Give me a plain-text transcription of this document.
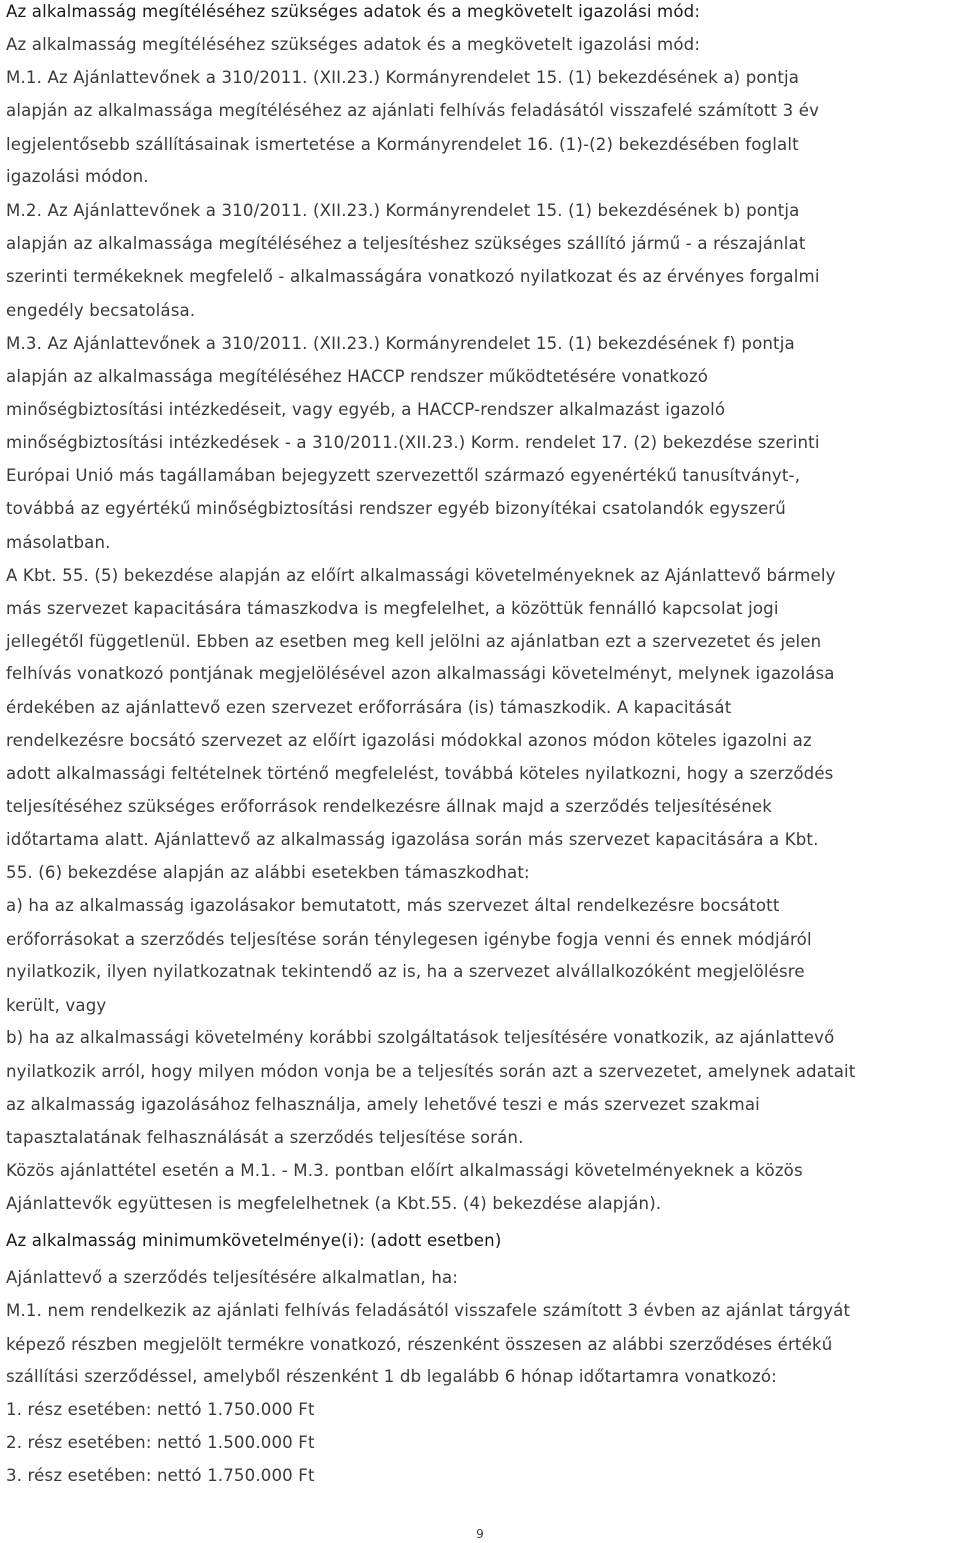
Az alkalmasság megítéléséhez szükséges adatok és a megkövetelt igazolási mód:
Az alkalmasság megítéléséhez szükséges adatok és a megkövetelt igazolási mód:
M.1. Az Ajánlattevőnek a 310/2011. (XII.23.) Kormányrendelet 15. (1) bekezdésének a) pontja
alapján az alkalmassága megítéléséhez az ajánlati felhívás feladásától visszafelé számított 3 év
legjelentősebb szállításainak ismertetése a Kormányrendelet 16. (1)-(2) bekezdésében foglalt
igazolási módon.
M.2. Az Ajánlattevőnek a 310/2011. (XII.23.) Kormányrendelet 15. (1) bekezdésének b) pontja
alapján az alkalmassága megítéléséhez a teljesítéshez szükséges szállító jármű - a részajánlat
szerinti termékeknek megfelelő - alkalmasságára vonatkozó nyilatkozat és az érvényes forgalmi
engedély becsatolása.
M.3. Az Ajánlattevőnek a 310/2011. (XII.23.) Kormányrendelet 15. (1) bekezdésének f) pontja
alapján az alkalmassága megítéléséhez HACCP rendszer működtetésére vonatkozó
minőségbiztosítási intézkedéseit, vagy egyéb, a HACCP-rendszer alkalmazást igazoló
minőségbiztosítási intézkedések - a 310/2011.(XII.23.) Korm. rendelet 17. (2) bekezdése szerinti
Európai Unió más tagállamában bejegyzett szervezettől származó egyenértékű tanusítványt-,
továbbá az egyértékű minőségbiztosítási rendszer egyéb bizonyítékai csatolandók egyszerű
másolatban.
A Kbt. 55. (5) bekezdése alapján az előírt alkalmassági követelményeknek az Ajánlattevő bármely
más szervezet kapacitására támaszkodva is megfelelhet, a közöttük fennálló kapcsolat jogi
jellegétől függetlenül. Ebben az esetben meg kell jelölni az ajánlatban ezt a szervezetet és jelen
felhívás vonatkozó pontjának megjelölésével azon alkalmassági követelményt, melynek igazolása
érdekében az ajánlattevő ezen szervezet erőforrására (is) támaszkodik. A kapacitását
rendelkezésre bocsátó szervezet az előírt igazolási módokkal azonos módon köteles igazolni az
adott alkalmassági feltételnek történő megfelelést, továbbá köteles nyilatkozni, hogy a szerződés
teljesítéséhez szükséges erőforrások rendelkezésre állnak majd a szerződés teljesítésének
időtartama alatt. Ajánlattevő az alkalmasság igazolása során más szervezet kapacitására a Kbt.
55. (6) bekezdése alapján az alábbi esetekben támaszkodhat:
a) ha az alkalmasság igazolásakor bemutatott, más szervezet által rendelkezésre bocsátott
erőforrásokat a szerződés teljesítése során ténylegesen igénybe fogja venni és ennek módjáról
nyilatkozik, ilyen nyilatkozatnak tekintendő az is, ha a szervezet alvállalkozóként megjelölésre
került, vagy
b) ha az alkalmassági követelmény korábbi szolgáltatások teljesítésére vonatkozik, az ajánlattevő
nyilatkozik arról, hogy milyen módon vonja be a teljesítés során azt a szervezetet, amelynek adatait
az alkalmasság igazolásához felhasználja, amely lehetővé teszi e más szervezet szakmai
tapasztalatának felhasználását a szerződés teljesítése során.
Közös ajánlattétel esetén a M.1. - M.3. pontban előírt alkalmassági követelményeknek a közös
Ajánlattevők együttesen is megfelelhetnek (a Kbt.55. (4) bekezdése alapján).
Az alkalmasság minimumkövetelménye(i): (adott esetben)
Ajánlattevő a szerződés teljesítésére alkalmatlan, ha:
M.1. nem rendelkezik az ajánlati felhívás feladásától visszafele számított 3 évben az ajánlat tárgyát
képező részben megjelölt termékre vonatkozó, részenként összesen az alábbi szerződéses értékű
szállítási szerződéssel, amelyből részenként 1 db legalább 6 hónap időtartamra vonatkozó:
1. rész esetében: nettó 1.750.000 Ft
2. rész esetében: nettó 1.500.000 Ft
3. rész esetében: nettó 1.750.000 Ft
9
